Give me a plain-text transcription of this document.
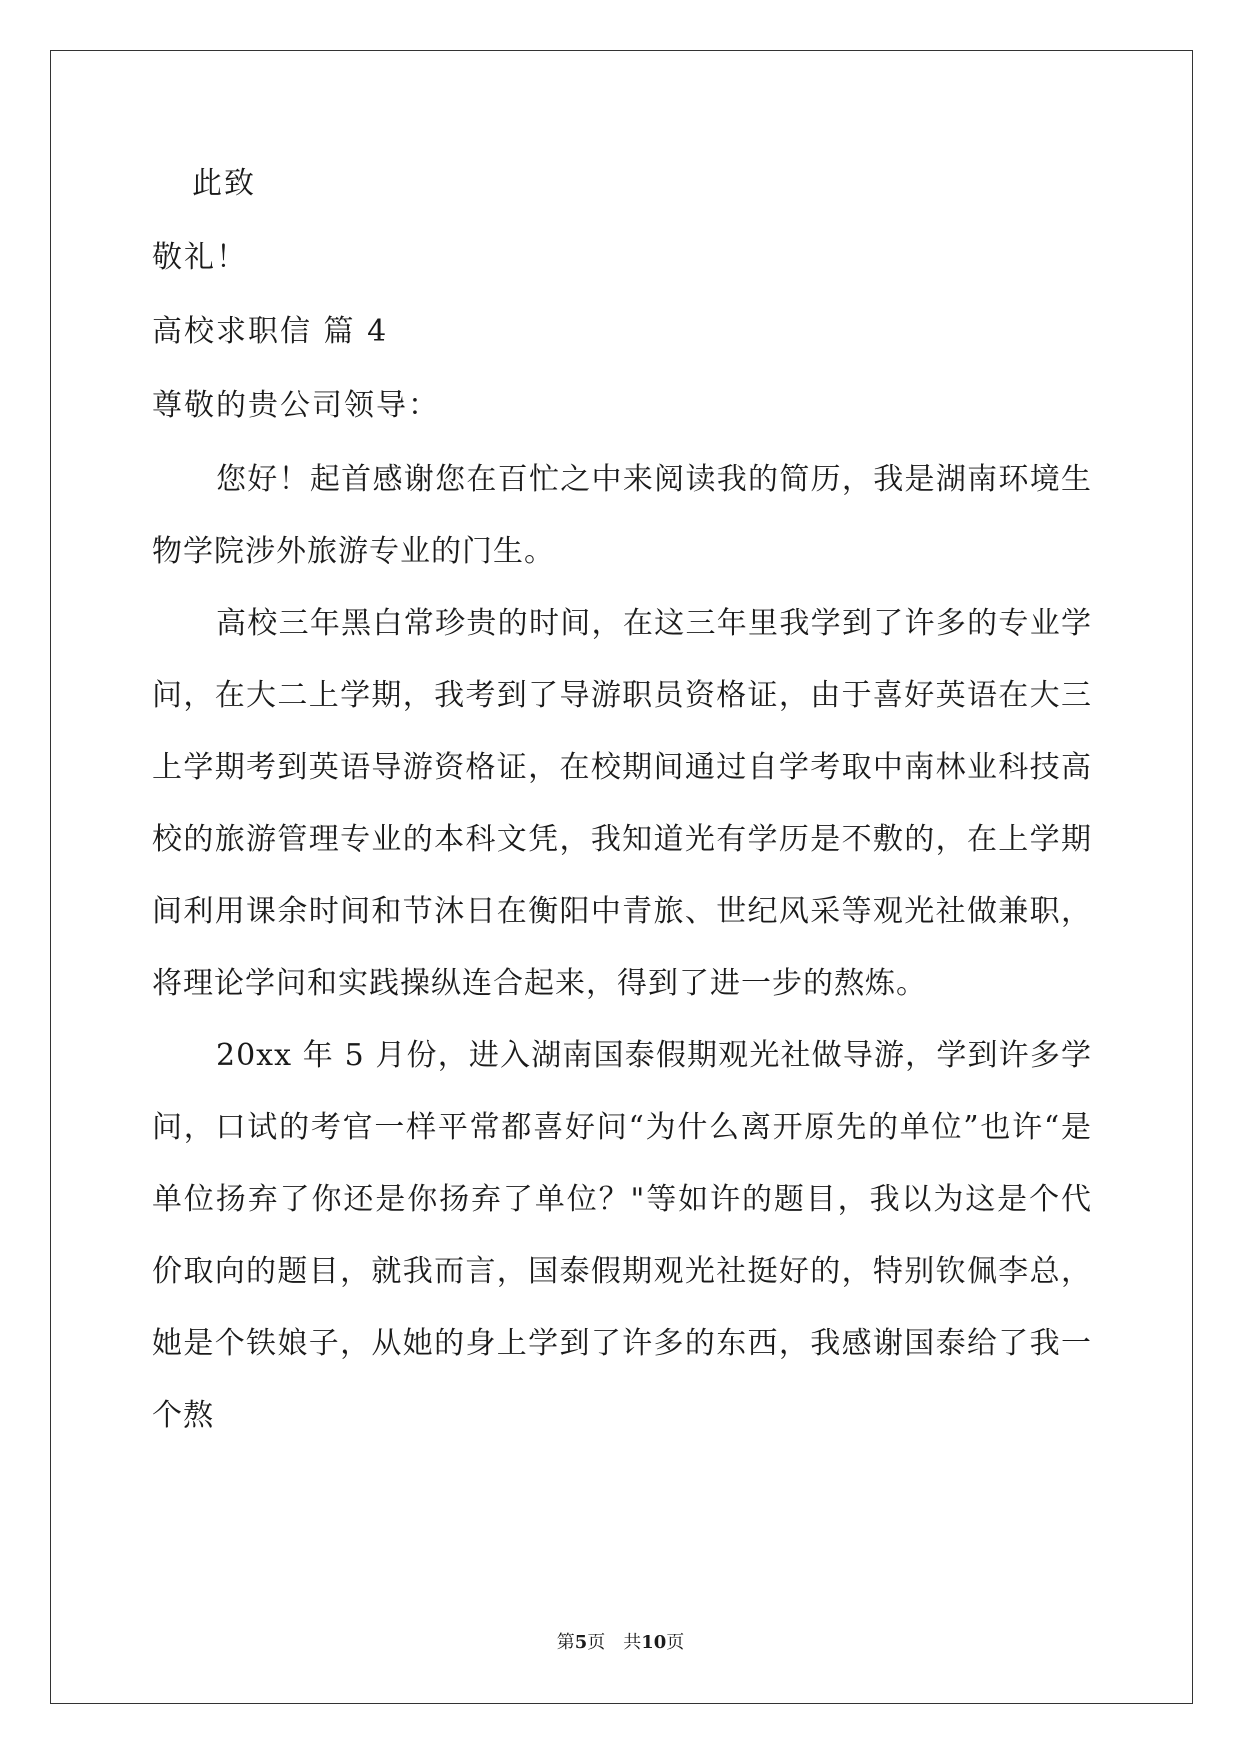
此致
敬礼！
高校求职信 篇 4
尊敬的贵公司领导：
您好！起首感谢您在百忙之中来阅读我的简历，我是湖南环境生物学院涉外旅游专业的门生。
高校三年黑白常珍贵的时间，在这三年里我学到了许多的专业学问，在大二上学期，我考到了导游职员资格证，由于喜好英语在大三上学期考到英语导游资格证，在校期间通过自学考取中南林业科技高校的旅游管理专业的本科文凭，我知道光有学历是不敷的，在上学期间利用课余时间和节沐日在衡阳中青旅、世纪风采等观光社做兼职，将理论学问和实践操纵连合起来，得到了进一步的熬炼。
20xx 年 5 月份，进入湖南国泰假期观光社做导游，学到许多学问，口试的考官一样平常都喜好问“为什么离开原先的单位”也许“是单位扬弃了你还是你扬弃了单位？"等如许的题目，我以为这是个代价取向的题目，就我而言，国泰假期观光社挺好的，特别钦佩李总，她是个铁娘子，从她的身上学到了许多的东西，我感谢国泰给了我一个熬
第5页　共10页
